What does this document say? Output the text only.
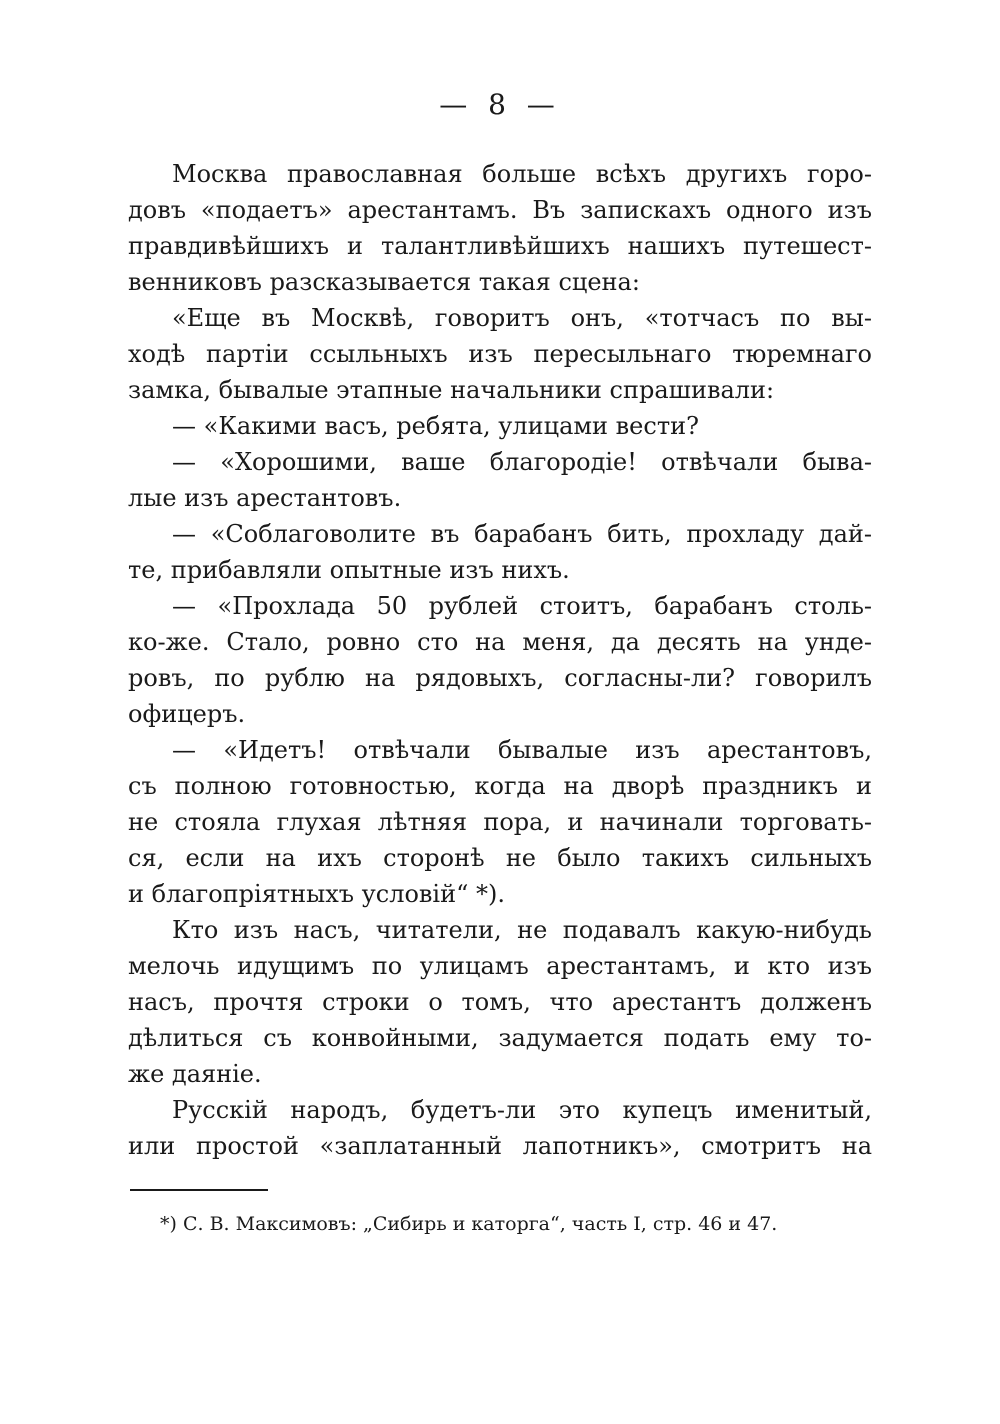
— 8 —
Москва православная больше всѣхъ другихъ горо-
довъ «подаетъ» арестантамъ. Въ запискахъ одного изъ
правдивѣйшихъ и талантливѣйшихъ нашихъ путешест-
венниковъ разсказывается такая сцена:
«Еще въ Москвѣ, говоритъ онъ, «тотчасъ по вы-
ходѣ партіи ссыльныхъ изъ пересыльнаго тюремнаго
замка, бывалые этапные начальники спрашивали:
— «Какими васъ, ребята, улицами вести?
— «Хорошими, ваше благородіе! отвѣчали быва-
лые изъ арестантовъ.
— «Соблаговолите въ барабанъ бить, прохладу дай-
те, прибавляли опытные изъ нихъ.
— «Прохлада 50 рублей стоитъ, барабанъ столь-
ко-же. Стало, ровно сто на меня, да десять на унде-
ровъ, по рублю на рядовыхъ, согласны-ли? говорилъ
офицеръ.
— «Идетъ! отвѣчали бывалые изъ арестантовъ,
съ полною готовностью, когда на дворѣ праздникъ и
не стояла глухая лѣтняя пора, и начинали торговать-
ся, если на ихъ сторонѣ не было такихъ сильныхъ
и благопріятныхъ условій“ *).
Кто изъ насъ, читатели, не подавалъ какую-нибудь
мелочь идущимъ по улицамъ арестантамъ, и кто изъ
насъ, прочтя строки о томъ, что арестантъ долженъ
дѣлиться съ конвойными, задумается подать ему то-
же даяніе.
Русскій народъ, будетъ-ли это купецъ именитый,
или простой «заплатанный лапотникъ», смотритъ на
*) С. В. Максимовъ: „Сибирь и каторга“, часть I, стр. 46 и 47.
